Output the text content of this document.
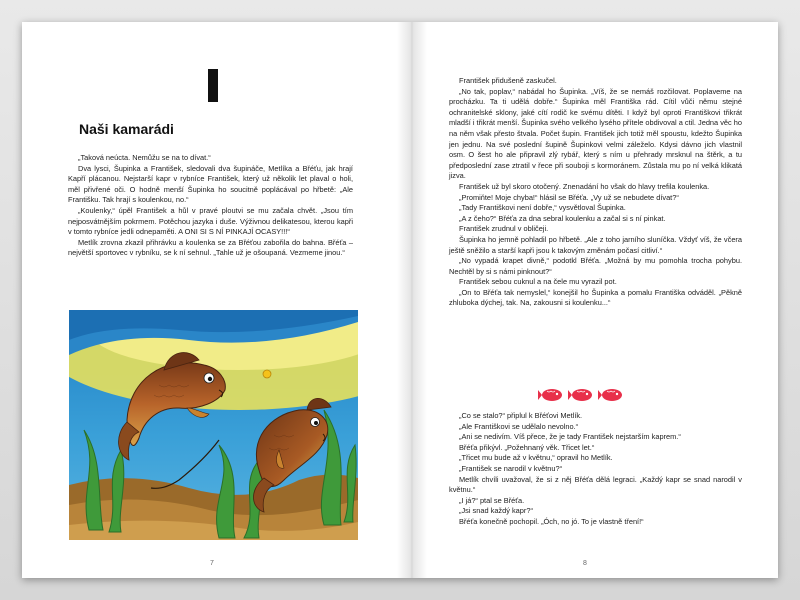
Naši kamarádi

„Taková neúcta. Nemůžu se na to dívat.“

Dva lysci, Šupinka a František, sledovali dva šupináče, Metlíka a Břéťu, jak hrají Kapří plácanou. Nejstarší kapr v rybníce František, který už několik let plaval o holi, měl přivřené oči. O hodně menší Šupinka ho soucitně poplácával po hřbetě: „Ale Františku. Tak hrají s koulenkou, no.“

„Koulenky,“ úpěl František a hůl v pravé ploutvi se mu začala chvět. „Jsou tím nejposvátnějším pokrmem. Potěchou jazyka i duše. Výživnou delikatesou, kterou kapři v tomto rybníce jedli odnepaměti. A ONI SI S NÍ PINKAJÍ OCASY!!!“

Metlík zrovna zkazil přihrávku a koulenka se za Břéťou zabořila do bahna. Břéťa – největší sportovec v rybníku, se k ní sehnul. „Tahle už je ošoupaná. Vezmeme jinou.“

7

František přidušeně zaskučel.

„No tak, poplav,“ nabádal ho Šupinka. „Víš, že se nemáš rozčilovat. Poplaveme na procházku. Ta ti udělá dobře.“ Šupinka měl Františka rád. Cítil vůči němu stejné ochranitelské sklony, jaké cítí rodič ke svému dítěti. I když byl oproti Františkovi třikrát mladší i třikrát menší. Šupinka svého velkého lysého přítele obdivoval a ctil. Jedna věc ho na něm však přesto štvala. Počet šupin. František jich totiž měl spoustu, kdežto Šupinka jen jednu. Na své poslední šupině Šupinkovi velmi záleželo. Kdysi dávno jich vlastnil osm. O šest ho ale připravil zlý rybář, který s ním u přehrady mrsknul na štěrk, a tu předposlední zase ztratil v řece při souboji s kormoránem. Zůstala mu po ní velká klikatá jizva.

František už byl skoro otočený. Znenadání ho však do hlavy trefila koulenka.

„Promiňte! Moje chyba!“ hlásil se Břéťa. „Vy už se nebudete dívat?“

„Tady Františkovi není dobře,“ vysvětloval Šupinka.

„A z čeho?“ Břéťa za dna sebral koulenku a začal si s ní pinkat.

František zrudnul v obličeji.

Šupinka ho jemně pohladil po hřbetě. „Ale z toho jarního sluníčka. Vždyť víš, že včera ještě sněžilo a starší kapři jsou k takovým změnám počasí citliví.“

„No vypadá krapet divně,“ podotkl Břéťa. „Možná by mu pomohla trocha pohybu. Nechtěl by si s námi pinknout?“

František sebou cuknul a na čele mu vyrazil pot.

„On to Břéťa tak nemyslel,“ konejšil ho Šupinka a pomalu Františka odváděl. „Pěkně zhluboka dýchej, tak. Na, zakousni si koulenku...“

„Co se stalo?“ připlul k Břéťovi Metlík.

„Ale Františkovi se udělalo nevolno.“

„Ani se nedivím. Víš přece, že je tady František nejstarším kaprem.“

Břéťa přikývl. „Požehnaný věk. Třicet let.“

„Třicet mu bude až v květnu,“ opravil ho Metlík.

„František se narodil v květnu?“

Metlík chvíli uvažoval, že si z něj Břéťa dělá legraci. „Každý kapr se snad narodil v květnu.“

„I já?“ ptal se Břéťa.

„Jsi snad každý kapr?“

Břéťa konečně pochopil. „Óch, no jó. To je vlastně tření!“

8
